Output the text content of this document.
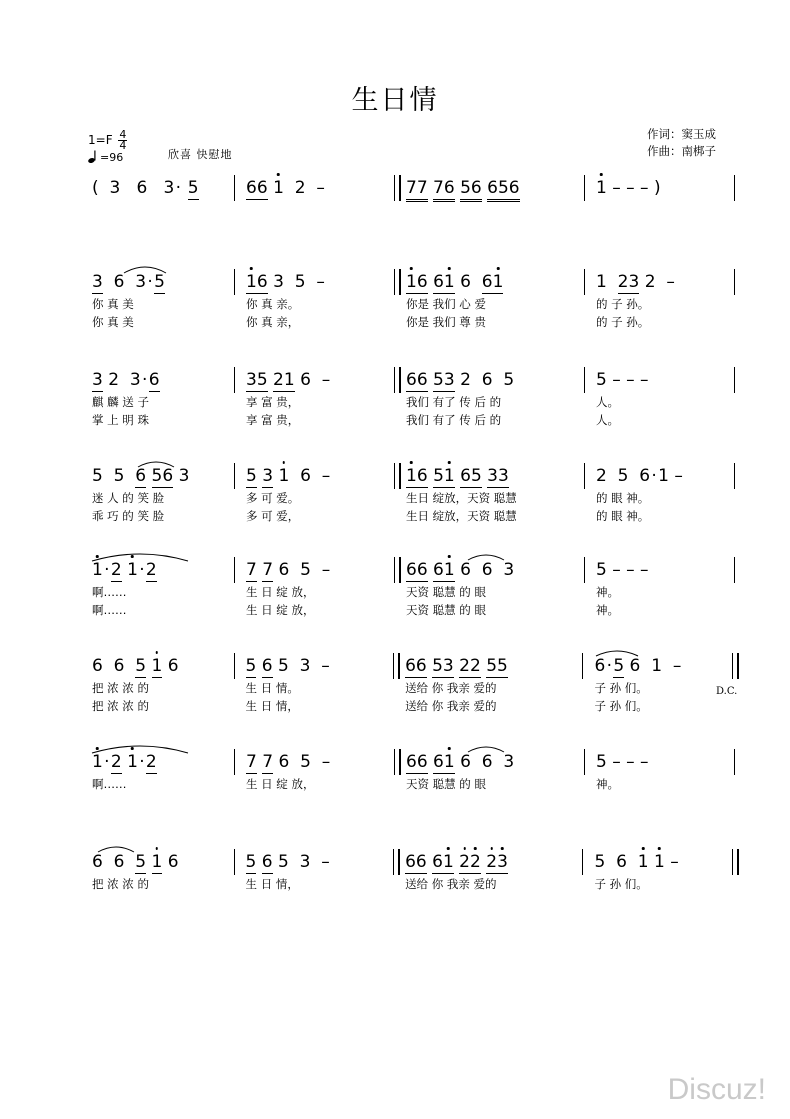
生日情
作词：窦玉成
作曲：南梆子
$1=F \frac{4}{4}$
=96	欣喜 快慰地
( 3 6 3· 5	66 1 2 –	77 76 56 656	1 – – – )
3 6 3·5
你 真 美
你 真 美
16 3 5 –
你 真 亲。
你 真 亲，
16 61 6 61
你是 我们 心 爱
你是 我们 尊 贵
1 23 2 –
的 子 孙。
的 子 孙。
3 2 3·6
麒 麟 送 子
掌 上 明 珠
35 21 6 –
享 富 贵，
享 富 贵，
66 53 2 6 5
我们 有了 传 后 的
我们 有了 传 后 的
5 – – –
人。
人。
5 5 6 56 3
迷 人 的 笑 脸
乖 巧 的 笑 脸
5 3 1 6 –
多 可 爱。
多 可 爱，
16 51 65 33
生日 绽放，天资 聪慧
生日 绽放，天资 聪慧
2 5 6·1 –
的 眼 神。
的 眼 神。
1·2 1·2
啊……
啊……
7 7 6 5 –
生 日 绽 放，
生 日 绽 放，
66 61 6 6 3
天资 聪慧 的 眼
天资 聪慧 的 眼
5 – – –
神。
神。
6 6 5 1 6
把 浓 浓 的
把 浓 浓 的
5 6 5 3 –
生 日 情。
生 日 情，
66 53 22 55
送给 你 我亲 爱的
送给 你 我亲 爱的
6·5 6 1 –
子 孙 们。
子 孙 们。
D.C.
1·2 1·2
啊……
7 7 6 5 –
生 日 绽 放，
66 61 6 6 3
天资 聪慧 的 眼
5 – – –
神。
6 6 5 1 6
把 浓 浓 的
5 6 5 3 –
生 日 情，
66 61 22 23
送给 你 我亲 爱的
5 6 1 1 –
子 孙 们。
Discuz!
